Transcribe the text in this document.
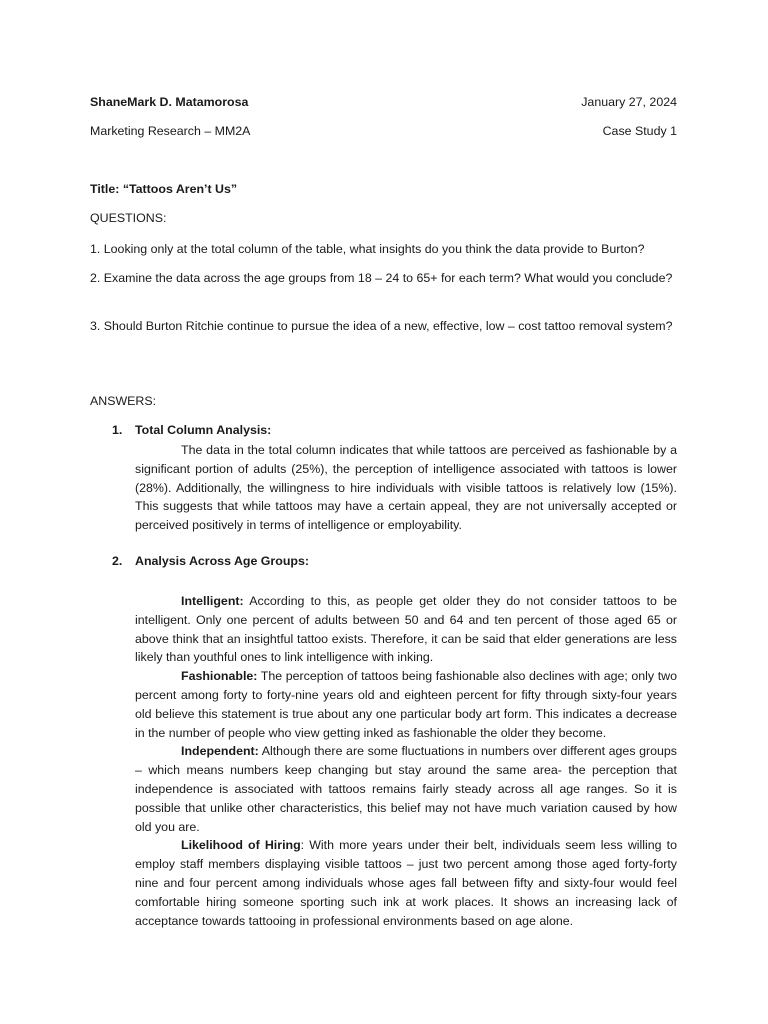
ShaneMark D. Matamorosa	January 27, 2024
Marketing Research – MM2A	Case Study 1
Title: “Tattoos Aren’t Us”
QUESTIONS:

1. Looking only at the total column of the table, what insights do you think the data provide to Burton?

2. Examine the data across the age groups from 18 – 24 to 65+ for each term? What would you conclude?

3. Should Burton Ritchie continue to pursue the idea of a new, effective, low – cost tattoo removal system?

ANSWERS:
1. Total Column Analysis:

The data in the total column indicates that while tattoos are perceived as fashionable by a significant portion of adults (25%), the perception of intelligence associated with tattoos is lower (28%). Additionally, the willingness to hire individuals with visible tattoos is relatively low (15%). This suggests that while tattoos may have a certain appeal, they are not universally accepted or perceived positively in terms of intelligence or employability.

2. Analysis Across Age Groups:

Intelligent: According to this, as people get older they do not consider tattoos to be intelligent. Only one percent of adults between 50 and 64 and ten percent of those aged 65 or above think that an insightful tattoo exists. Therefore, it can be said that elder generations are less likely than youthful ones to link intelligence with inking.

Fashionable: The perception of tattoos being fashionable also declines with age; only two percent among forty to forty-nine years old and eighteen percent for fifty through sixty-four years old believe this statement is true about any one particular body art form. This indicates a decrease in the number of people who view getting inked as fashionable the older they become.

Independent: Although there are some fluctuations in numbers over different ages groups – which means numbers keep changing but stay around the same area- the perception that independence is associated with tattoos remains fairly steady across all age ranges. So it is possible that unlike other characteristics, this belief may not have much variation caused by how old you are.

Likelihood of Hiring: With more years under their belt, individuals seem less willing to employ staff members displaying visible tattoos – just two percent among those aged forty-forty nine and four percent among individuals whose ages fall between fifty and sixty-four would feel comfortable hiring someone sporting such ink at work places. It shows an increasing lack of acceptance towards tattooing in professional environments based on age alone.
